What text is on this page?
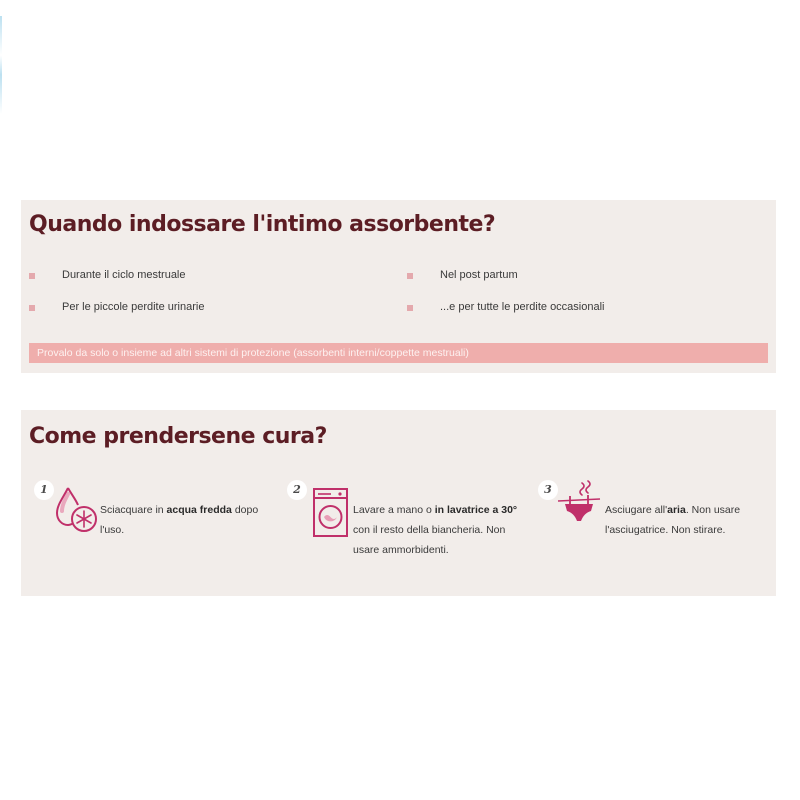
Quando indossare l'intimo assorbente?
Durante il ciclo mestruale	Nel post partum
Per le piccole perdite urinarie	...e per tutte le perdite occasionali
Provalo da solo o insieme ad altri sistemi di protezione (assorbenti interni/coppette mestruali)
Come prendersene cura?
1
Sciacquare in acqua fredda dopo l'uso.
2
Lavare a mano o in lavatrice a 30° con il resto della biancheria. Non usare ammorbidenti.
3
Asciugare all'aria. Non usare l'asciugatrice. Non stirare.
